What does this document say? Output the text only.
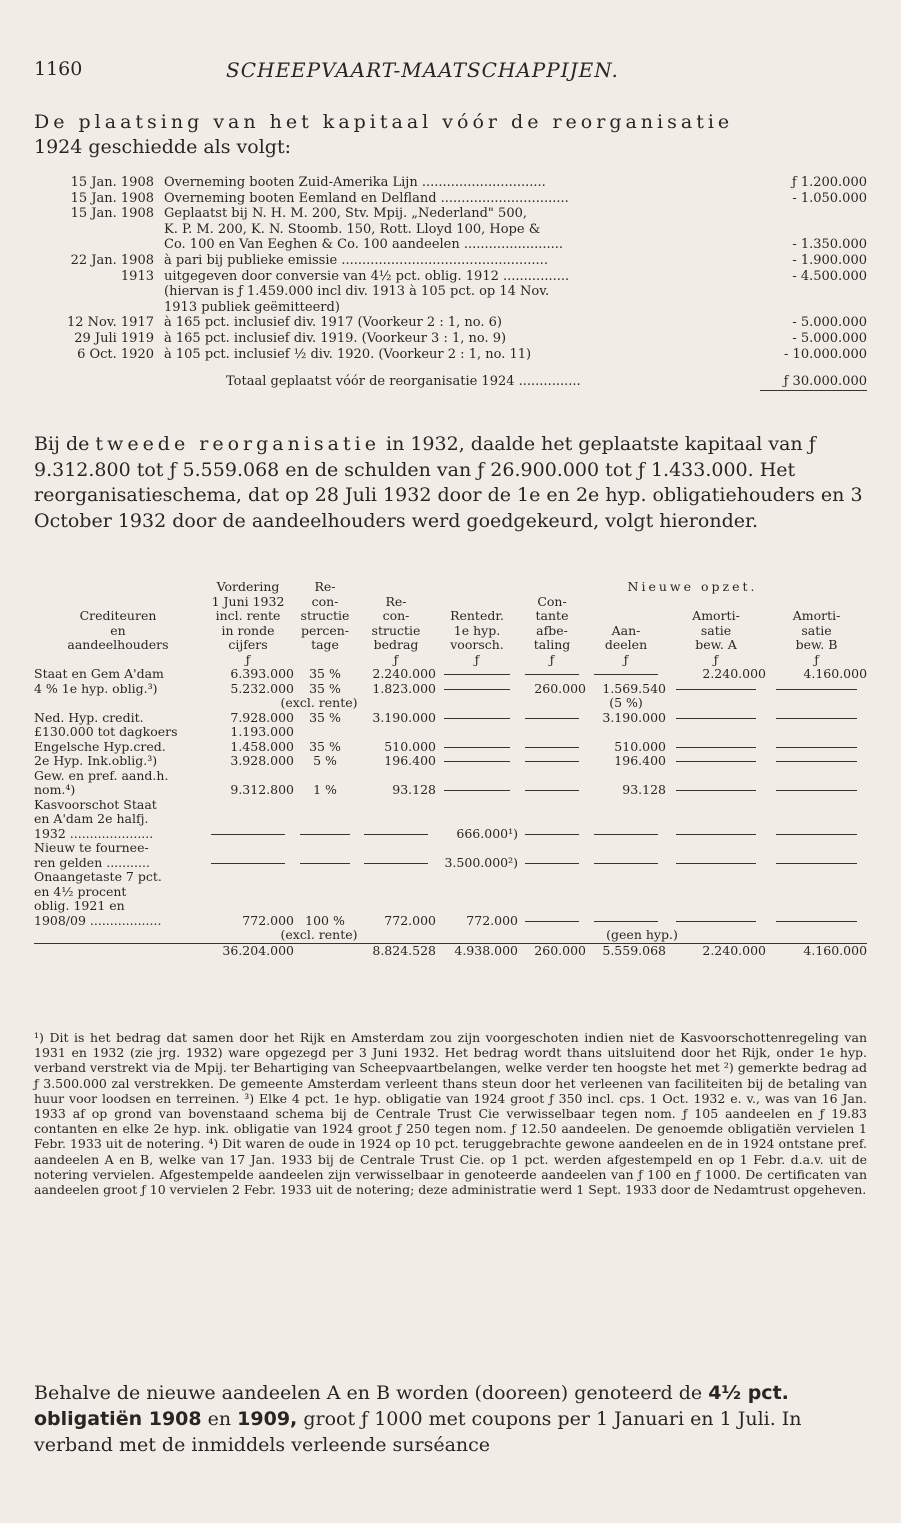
1160	SCHEEPVAART-MAATSCHAPPIJEN.
De plaatsing van het kapitaal vóór de reorganisatie
1924 geschiedde als volgt:
15 Jan. 1908 Overneming booten Zuid-Amerika Lijn ..............................	ƒ 1.200.000
15 Jan. 1908 Overneming booten Eemland en Delfland ...............................	- 1.050.000
15 Jan. 1908 Geplaatst bij N. H. M. 200, Stv. Mpij. „Nederland" 500,
K. P. M. 200, K. N. Stoomb. 150, Rott. Lloyd 100, Hope &
Co. 100 en Van Eeghen & Co. 100 aandeelen ........................	- 1.350.000
22 Jan. 1908 à pari bij publieke emissie ..................................................	- 1.900.000
1913 uitgegeven door conversie van 4½ pct. oblig. 1912 ................	- 4.500.000
(hiervan is ƒ 1.459.000 incl div. 1913 à 105 pct. op 14 Nov.
1913 publiek geëmitteerd)
12 Nov. 1917 à 165 pct. inclusief div. 1917 (Voorkeur 2 : 1, no. 6)	- 5.000.000
29 Juli 1919 à 165 pct. inclusief div. 1919. (Voorkeur 3 : 1, no. 9)	- 5.000.000
6 Oct. 1920 à 105 pct. inclusief ½ div. 1920. (Voorkeur 2 : 1, no. 11)	- 10.000.000
Totaal geplaatst vóór de reorganisatie 1924 ...............	ƒ 30.000.000
Bij de tweede reorganisatie in 1932, daalde het geplaatste kapitaal van ƒ 9.312.800 tot ƒ 5.559.068 en de schulden van ƒ 26.900.000 tot ƒ 1.433.000. Het reorganisatieschema, dat op 28 Juli 1932 door de 1e en 2e hyp. obligatiehouders en 3 October 1932 door de aandeelhouders werd goedgekeurd, volgt hieronder.
	Vordering	Re-			Nieuwe opzet.			
	1 Juni 1932	con-	Re-		Con-			
Crediteuren	incl. rente	structie	con-	Rentedr.	tante		Amorti-	Amorti-
en	in ronde	percen-	structie	1e hyp.	afbe-	Aan-	satie	satie
aandeelhouders	cijfers	tage	bedrag	voorsch.	taling	deelen	bew. A	bew. B
	ƒ		ƒ	ƒ	ƒ	ƒ	ƒ	ƒ
Staat en Gem A'dam	6.393.000	35 %	2.240.000				2.240.000	4.160.000
4 % 1e hyp. oblig.³)	5.232.000	35 %	1.823.000		260.000	1.569.540		
	(excl. rente)					(5 %)		
Ned. Hyp. credit.	7.928.000	35 %	3.190.000			3.190.000		
£130.000 tot dagkoers	1.193.000							
Engelsche Hyp.cred.	1.458.000	35 %	510.000			510.000		
2e Hyp. Ink.oblig.³)	3.928.000	5 %	196.400			196.400		
Gew. en pref. aand.h.								
nom.⁴)	9.312.800	1 %	93.128			93.128		
Kasvoorschot Staat								
en A'dam 2e halfj.								
1932 .....................				666.000¹)				
Nieuw te fournee-								
ren gelden ...........				3.500.000²)				
Onaangetaste 7 pct.								
en 4½ procent								
oblig. 1921 en								
1908/09 ..................	772.000	100 %	772.000	772.000				
	(excl. rente)				(geen hyp.)			
	36.204.000		8.824.528	4.938.000	260.000	5.559.068	2.240.000	4.160.000
¹) Dit is het bedrag dat samen door het Rijk en Amsterdam zou zijn voorgeschoten indien niet de Kasvoorschottenregeling van 1931 en 1932 (zie jrg. 1932) ware opgezegd per 3 Juni 1932. Het bedrag wordt thans uitsluitend door het Rijk, onder 1e hyp. verband verstrekt via de Mpij. ter Behartiging van Scheepvaartbelangen, welke verder ten hoogste het met ²) gemerkte bedrag ad ƒ 3.500.000 zal verstrekken. De gemeente Amsterdam verleent thans steun door het verleenen van faciliteiten bij de betaling van huur voor loodsen en terreinen. ³) Elke 4 pct. 1e hyp. obligatie van 1924 groot ƒ 350 incl. cps. 1 Oct. 1932 e. v., was van 16 Jan. 1933 af op grond van bovenstaand schema bij de Centrale Trust Cie verwisselbaar tegen nom. ƒ 105 aandeelen en ƒ 19.83 contanten en elke 2e hyp. ink. obligatie van 1924 groot ƒ 250 tegen nom. ƒ 12.50 aandeelen. De genoemde obligatiën vervielen 1 Febr. 1933 uit de notering. ⁴) Dit waren de oude in 1924 op 10 pct. teruggebrachte gewone aandeelen en de in 1924 ontstane pref. aandeelen A en B, welke van 17 Jan. 1933 bij de Centrale Trust Cie. op 1 pct. werden afgestempeld en op 1 Febr. d.a.v. uit de notering vervielen. Afgestempelde aandeelen zijn verwisselbaar in genoteerde aandeelen van ƒ 100 en ƒ 1000. De certificaten van aandeelen groot ƒ 10 vervielen 2 Febr. 1933 uit de notering; deze administratie werd 1 Sept. 1933 door de Nedamtrust opgeheven.
Behalve de nieuwe aandeelen A en B worden (dooreen) genoteerd de 4½ pct. obligatiën 1908 en 1909, groot ƒ 1000 met coupons per 1 Januari en 1 Juli. In verband met de inmiddels verleende surséance
